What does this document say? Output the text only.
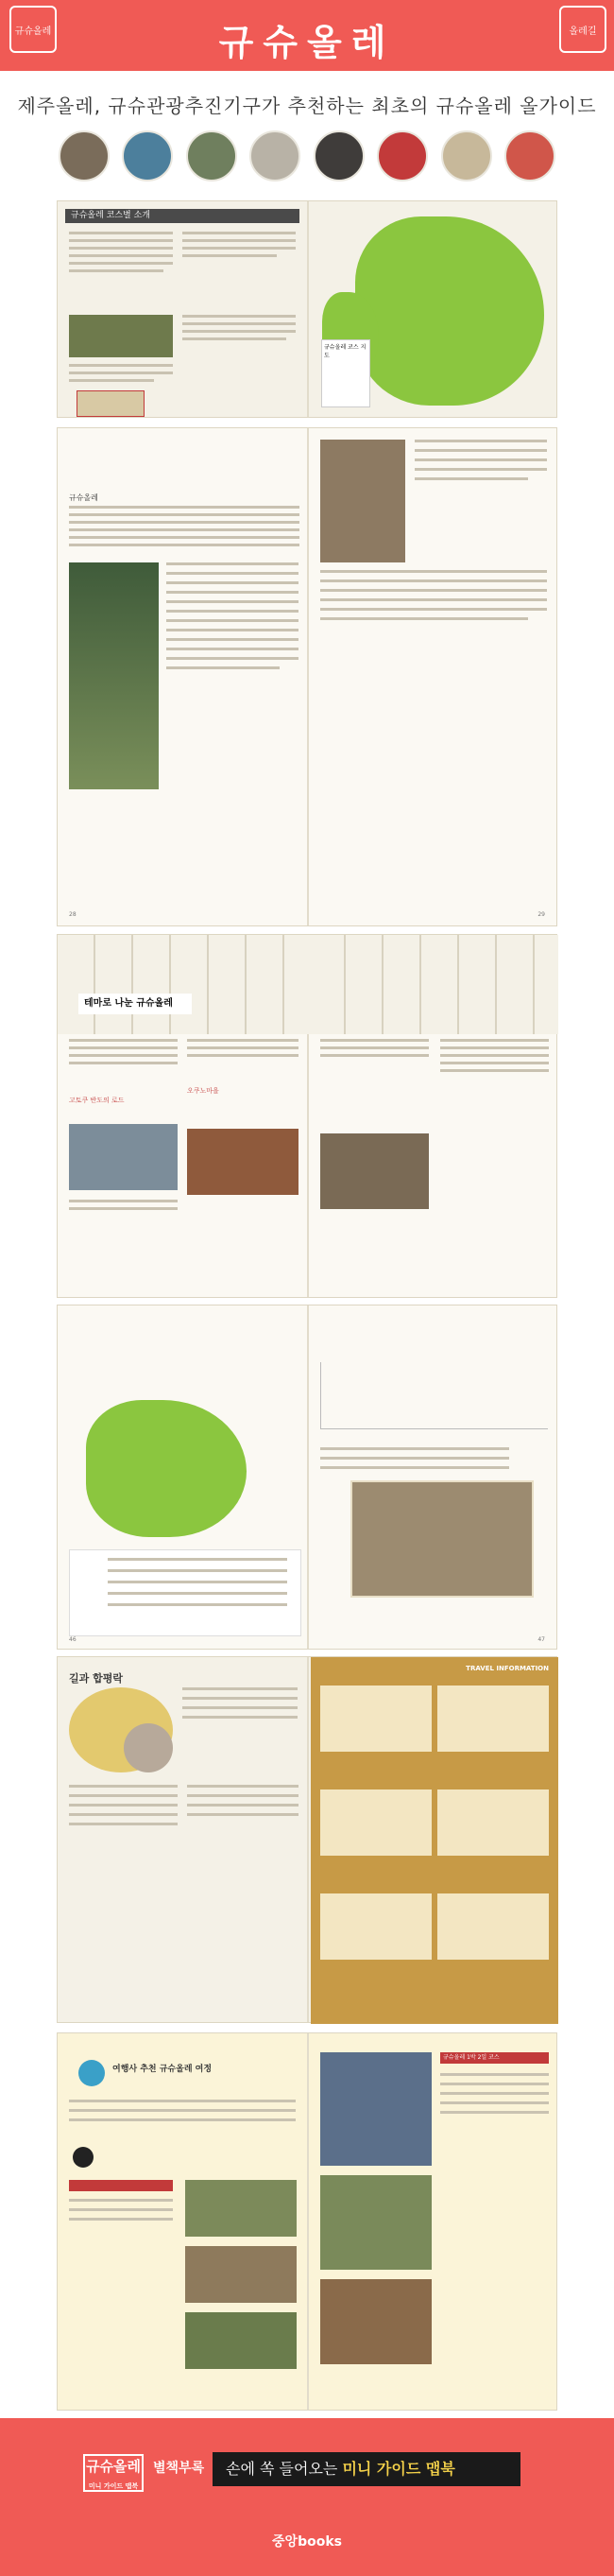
규슈올레	규슈올레	올레길
제주올레, 규슈관광추진기구가 추천하는 최초의 규슈올레 올가이드
규슈올레 코스별 소개
규슈올레 코스 지도
규슈올레
28	29
테마로 나눈 규슈올레
고토쿠 반도의 로드
오쿠노마을
46	47
길과 합평락
TRAVEL INFORMATION
여행사 추천 규슈올레 여정
규슈올레 1박 2일 코스
규슈올레
미니 가이드 맵북
별책부록	손에 쏙 들어오는 미니 가이드 맵북
중앙books
